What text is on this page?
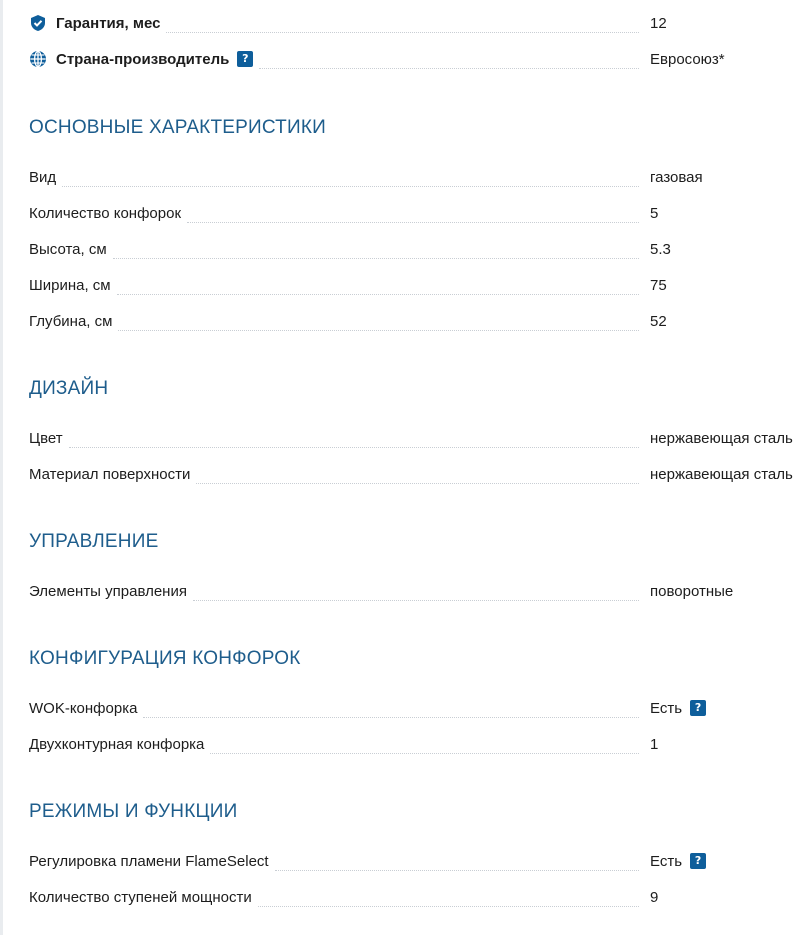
Гарантия, мес	12
Страна-производитель	?	Евросоюз*
ОСНОВНЫЕ ХАРАКТЕРИСТИКИ
Вид	газовая
Количество конфорок	5
Высота, см	5.3
Ширина, см	75
Глубина, см	52
ДИЗАЙН
Цвет	нержавеющая сталь
Материал поверхности	нержавеющая сталь
УПРАВЛЕНИЕ
Элементы управления	поворотные
КОНФИГУРАЦИЯ КОНФОРОК
WOK-конфорка	Есть	?
Двухконтурная конфорка	1
РЕЖИМЫ И ФУНКЦИИ
Регулировка пламени FlameSelect	Есть	?
Количество ступеней мощности	9
